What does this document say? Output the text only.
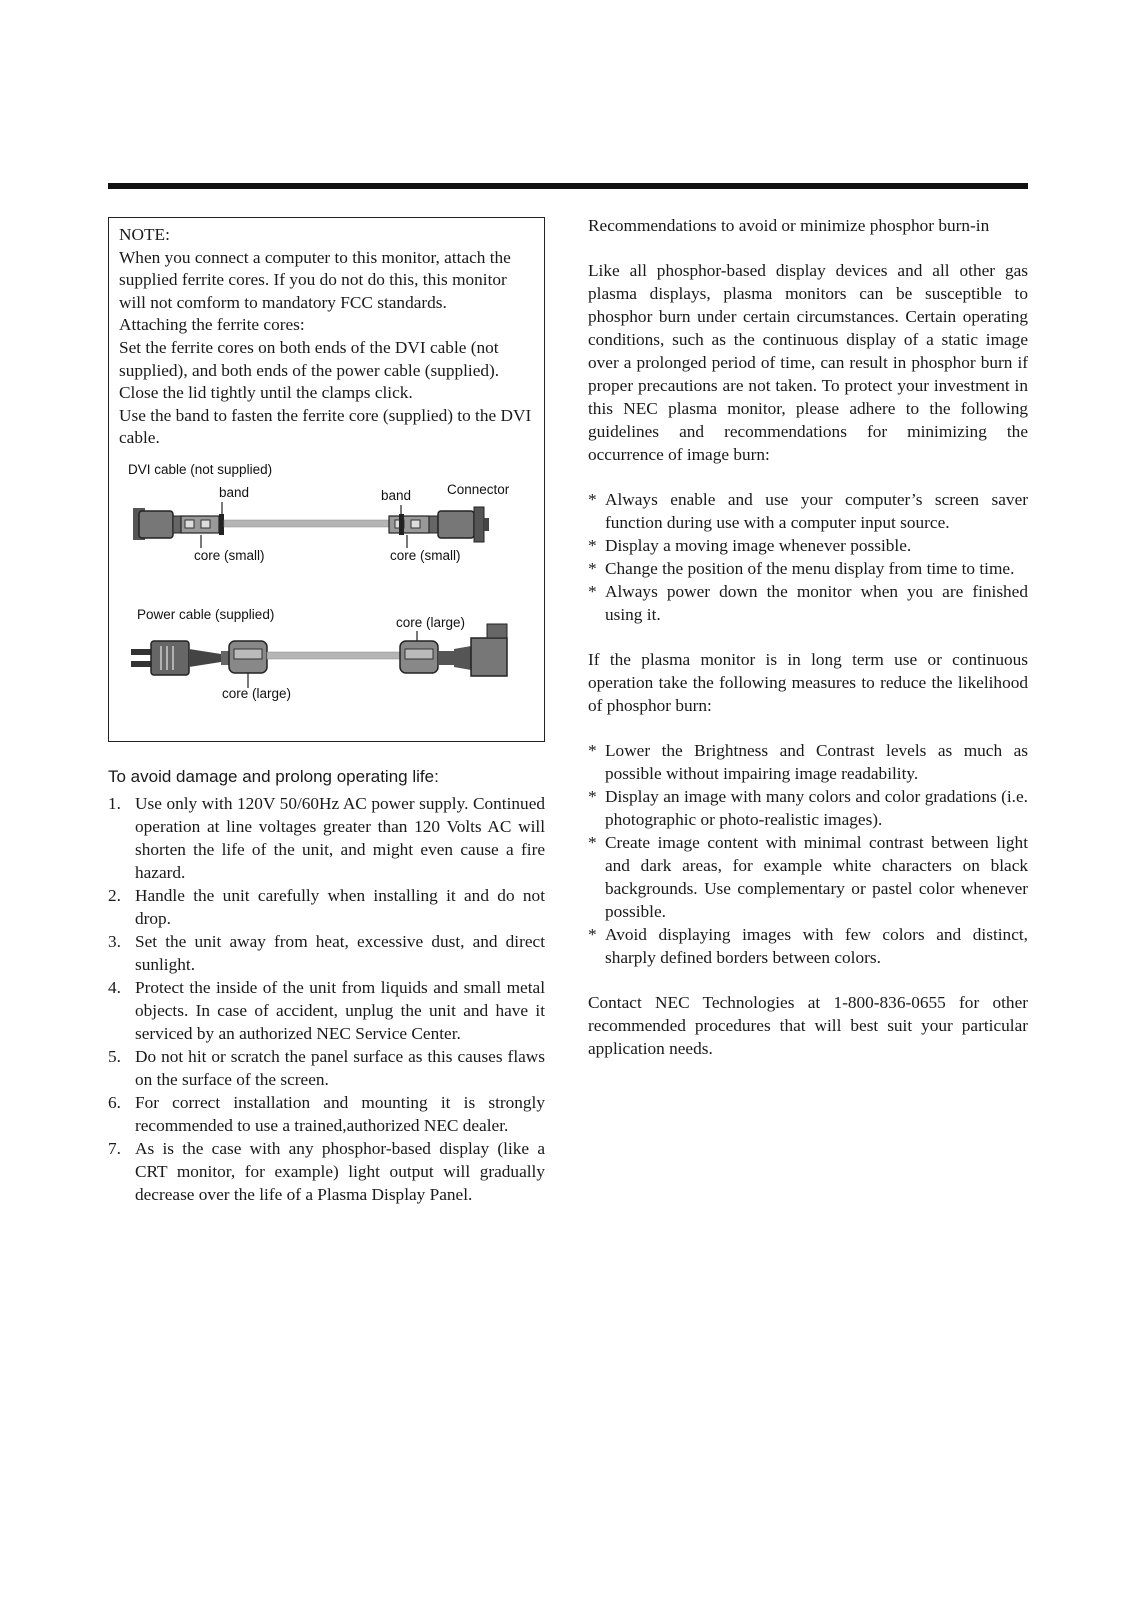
NOTE:

When you connect a computer to this monitor, attach the supplied ferrite cores. If you do not do this, this monitor will not comform to mandatory FCC standards.

Attaching the ferrite cores:

Set the ferrite cores on both ends of the DVI cable (not supplied), and both ends of the power cable (supplied).

Close the lid tightly until the clamps click.

Use the band to fasten the ferrite core (supplied) to the DVI cable.

DVI cable (not supplied)
band	band	Connector
core (small)	core (small)
Power cable (supplied)
core (large)
core (large)
To avoid damage and prolong operating life:
1. Use only with 120V 50/60Hz AC power supply. Continued operation at line voltages greater than 120 Volts AC will shorten the life of the unit, and might even cause a fire hazard.
2. Handle the unit carefully when installing it and do not drop.
3. Set the unit away from heat, excessive dust, and direct sunlight.
4. Protect the inside of the unit from liquids and small metal objects. In case of accident, unplug the unit and have it serviced by an authorized NEC Service Center.
5. Do not hit or scratch the panel surface as this causes flaws on the surface of the screen.
6. For correct installation and mounting it is strongly recommended to use a trained,authorized NEC dealer.
7. As is the case with any phosphor-based display (like a CRT monitor, for example) light output will gradually decrease over the life of a Plasma Display Panel.

Recommendations to avoid or minimize phosphor burn-in

Like all phosphor-based display devices and all other gas plasma displays, plasma monitors can be susceptible to phosphor burn under certain circumstances. Certain operating conditions, such as the continuous display of a static image over a prolonged period of time, can result in phosphor burn if proper precautions are not taken. To protect your investment in this NEC plasma monitor, please adhere to the following guidelines and recommendations for minimizing the occurrence of image burn:

* Always enable and use your computer’s screen saver function during use with a computer input source.
* Display a moving image whenever possible.
* Change the position of the menu display from time to time.
* Always power down the monitor when you are finished using it.

If the plasma monitor is in long term use or continuous operation take the following measures to reduce the likelihood of phosphor burn:

* Lower the Brightness and Contrast levels as much as possible without impairing image readability.
* Display an image with many colors and color gradations (i.e. photographic or photo-realistic images).
* Create image content with minimal contrast between light and dark areas, for example white characters on black backgrounds. Use complementary or pastel color whenever possible.
* Avoid displaying images with few colors and distinct, sharply defined borders between colors.

Contact NEC Technologies at 1-800-836-0655 for other recommended procedures that will best suit your particular application needs.
